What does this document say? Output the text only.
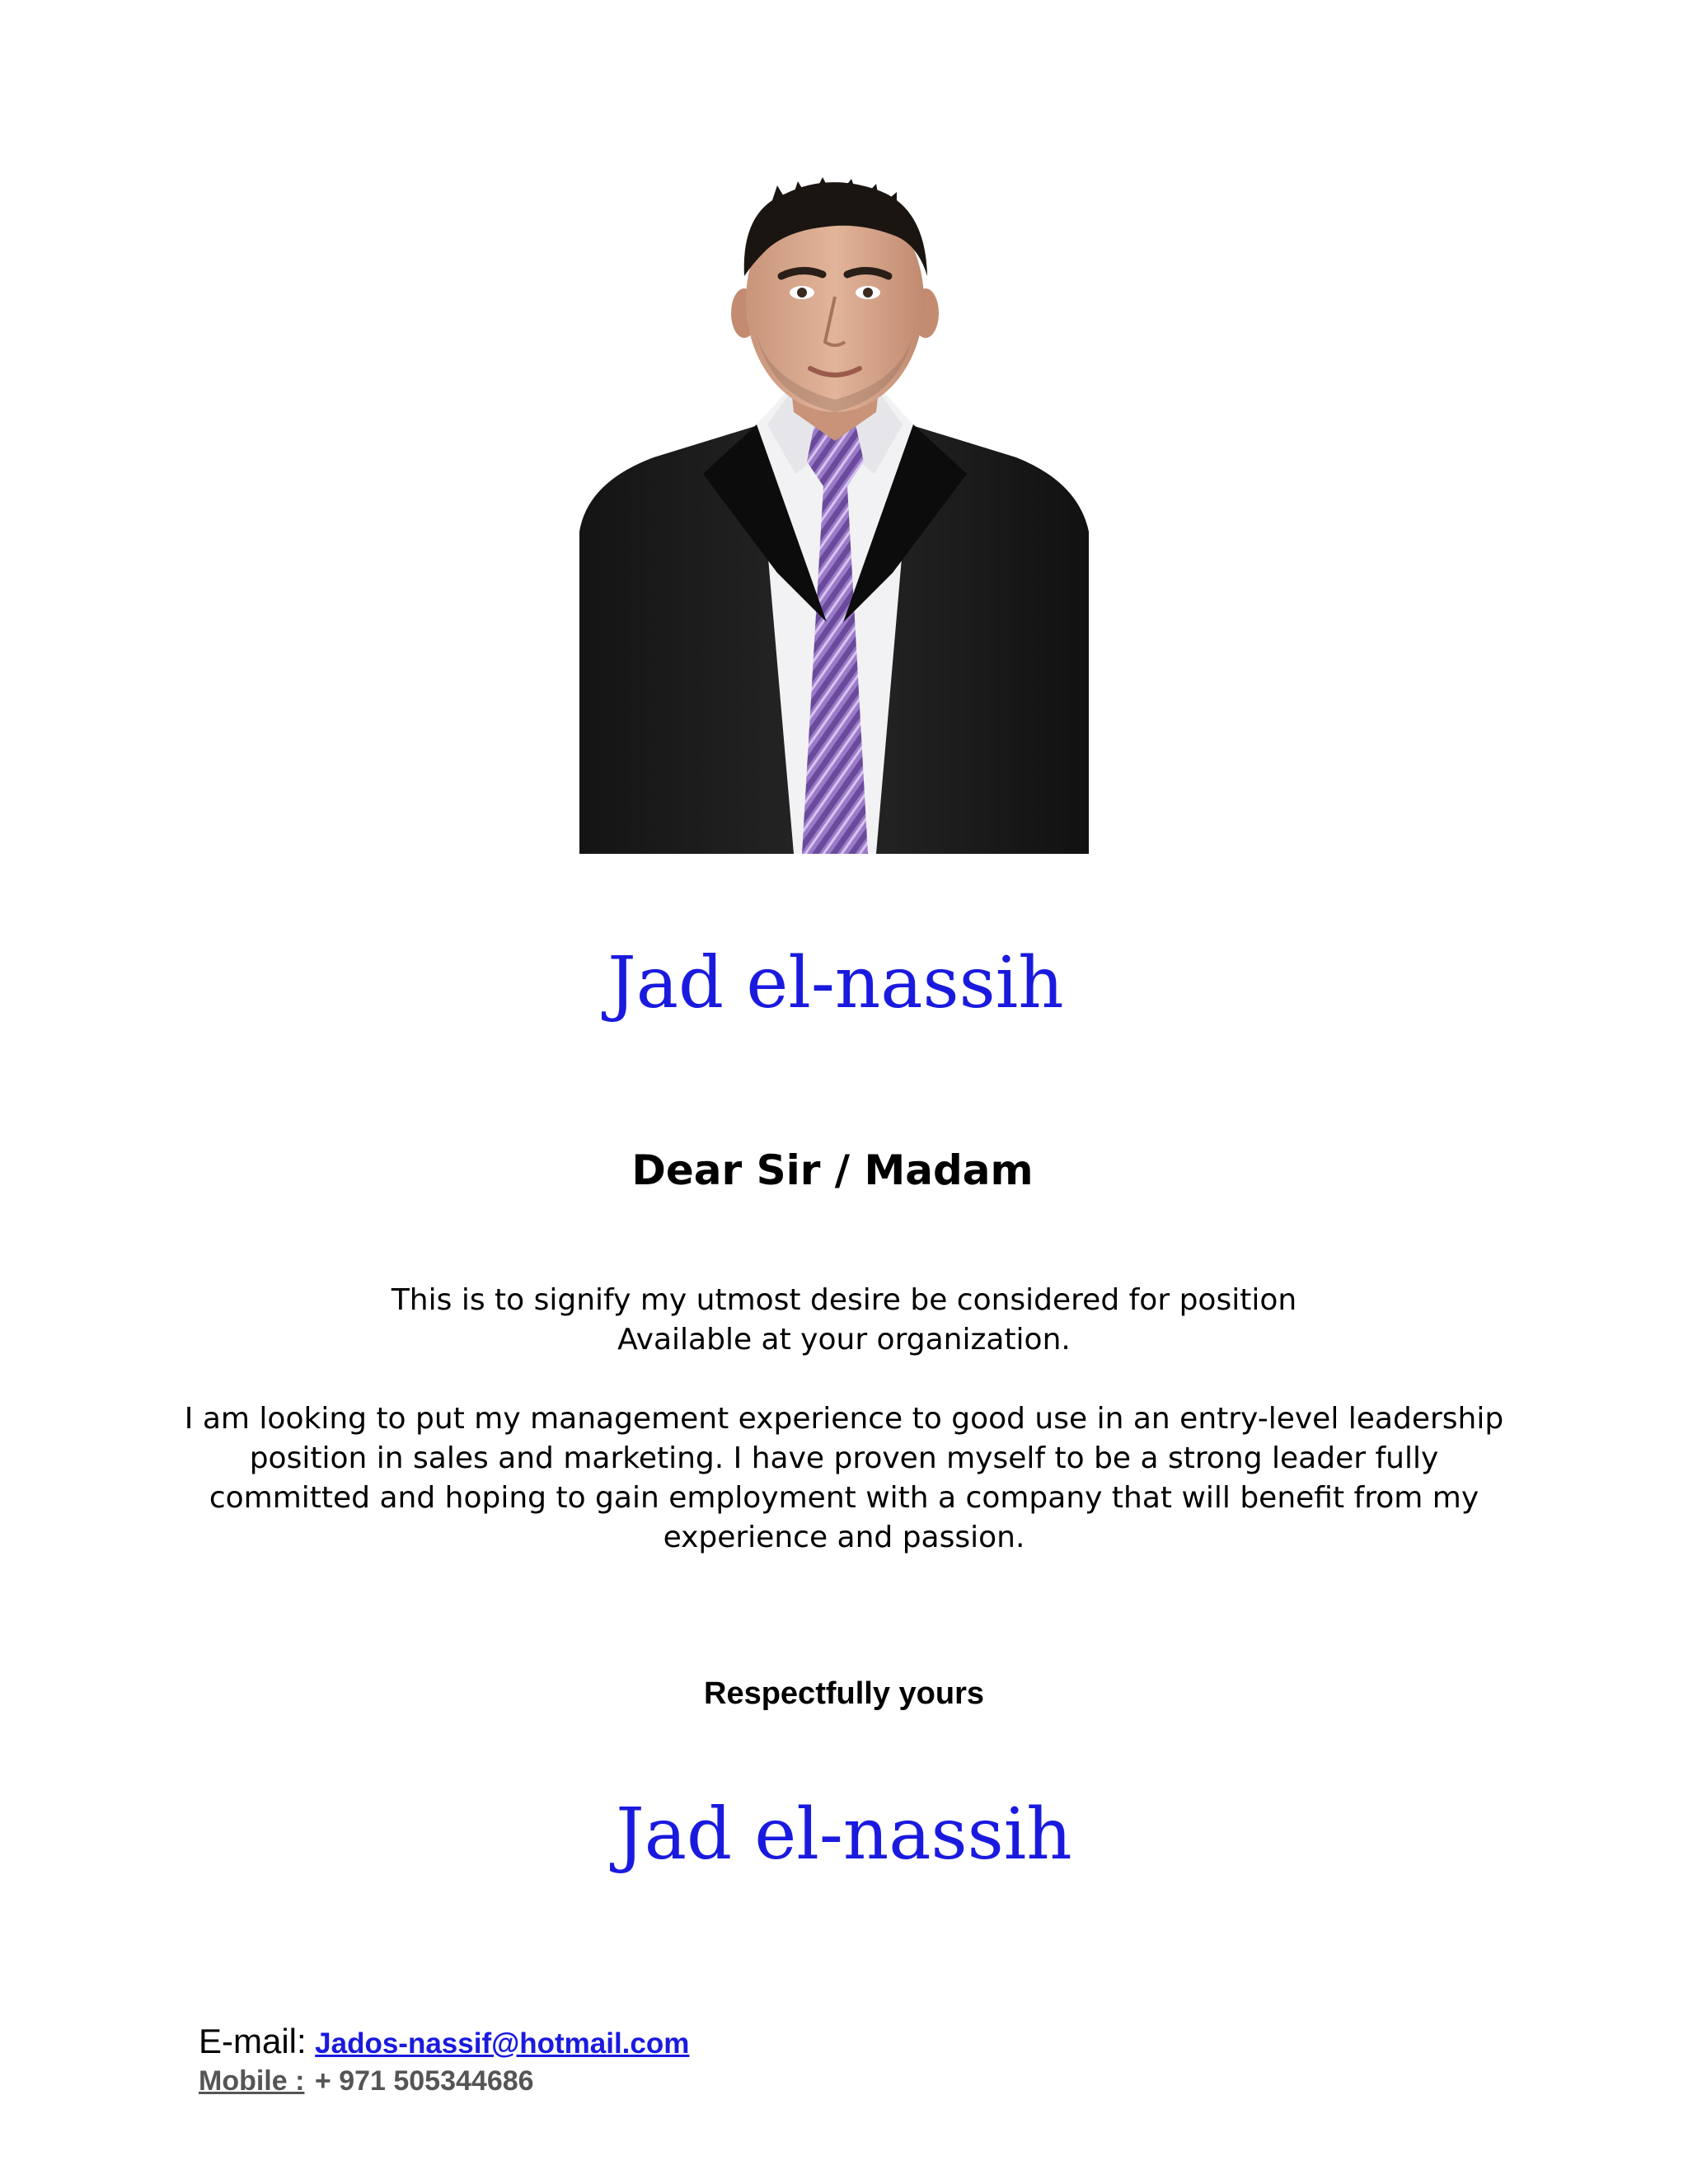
Jad el-nassih
Dear Sir / Madam
This is to signify my utmost desire be considered for position
Available at your organization.
I am looking to put my management experience to good use in an entry-level leadership
position in sales and marketing. I have proven myself to be a strong leader fully
committed and hoping to gain employment with a company that will benefit from my
experience and passion.
Respectfully yours
Jad el-nassih
E-mail: Jados-nassif@hotmail.com
Mobile : + 971 505344686
